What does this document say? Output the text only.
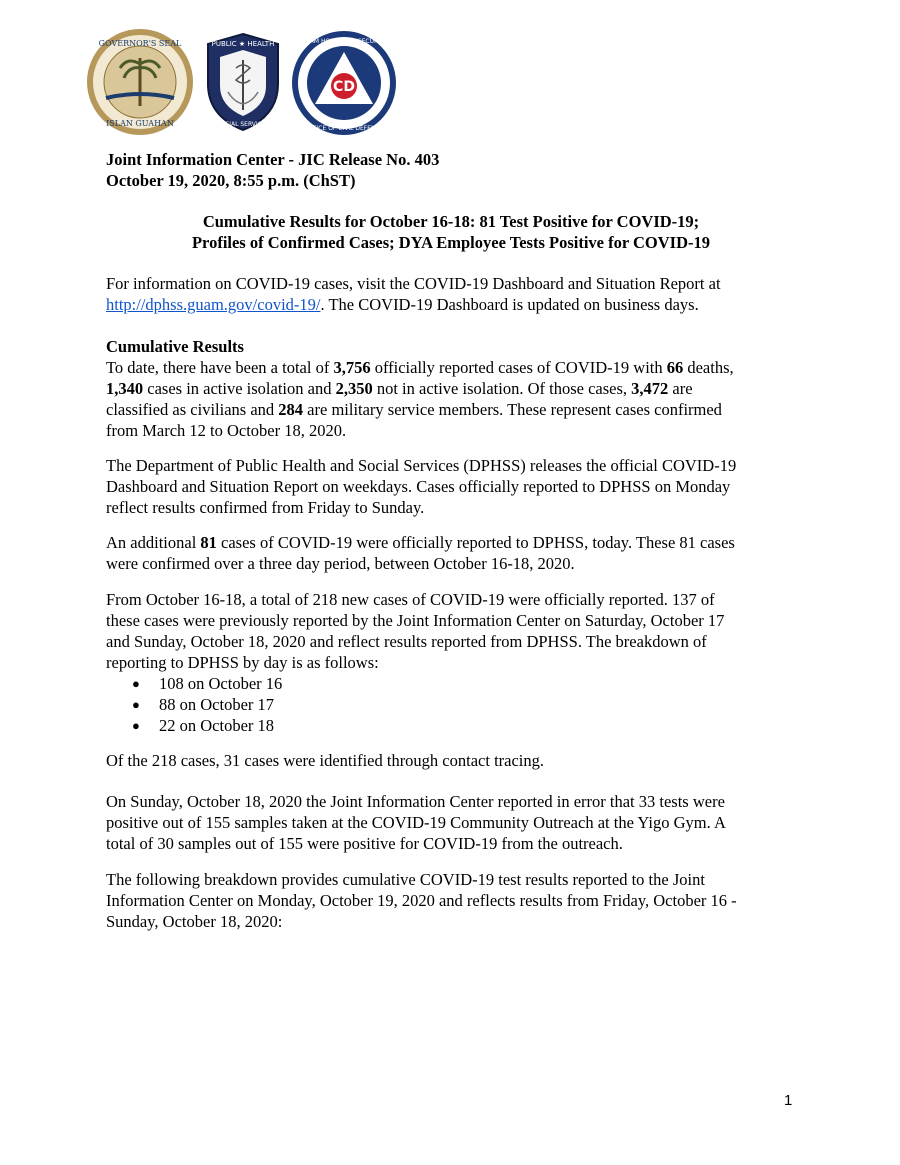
GOVERNOR'S SEAL
ISLAN GUAHAN
PUBLIC ★ HEALTH
SOCIAL SERVICES
CD
GUAM HOMELAND SECURITY
OFFICE OF CIVIL DEFENSE
Joint Information Center - JIC Release No. 403
October 19, 2020, 8:55 p.m. (ChST)
Cumulative Results for October 16-18: 81 Test Positive for COVID-19;
Profiles of Confirmed Cases; DYA Employee Tests Positive for COVID-19
For information on COVID-19 cases, visit the COVID-19 Dashboard and Situation Report at
http://dphss.guam.gov/covid-19/. The COVID-19 Dashboard is updated on business days.
Cumulative Results
To date, there have been a total of 3,756 officially reported cases of COVID-19 with 66 deaths,
1,340 cases in active isolation and 2,350 not in active isolation. Of those cases, 3,472 are
classified as civilians and 284 are military service members. These represent cases confirmed
from March 12 to October 18, 2020.
The Department of Public Health and Social Services (DPHSS) releases the official COVID-19
Dashboard and Situation Report on weekdays. Cases officially reported to DPHSS on Monday
reflect results confirmed from Friday to Sunday.
An additional 81 cases of COVID-19 were officially reported to DPHSS, today. These 81 cases
were confirmed over a three day period, between October 16-18, 2020.
From October 16-18, a total of 218 new cases of COVID-19 were officially reported. 137 of
these cases were previously reported by the Joint Information Center on Saturday, October 17
and Sunday, October 18, 2020 and reflect results reported from DPHSS. The breakdown of
reporting to DPHSS by day is as follows:
● 108 on October 16
● 88 on October 17
● 22 on October 18
Of the 218 cases, 31 cases were identified through contact tracing.
On Sunday, October 18, 2020 the Joint Information Center reported in error that 33 tests were
positive out of 155 samples taken at the COVID-19 Community Outreach at the Yigo Gym. A
total of 30 samples out of 155 were positive for COVID-19 from the outreach.
The following breakdown provides cumulative COVID-19 test results reported to the Joint
Information Center on Monday, October 19, 2020 and reflects results from Friday, October 16 -
Sunday, October 18, 2020:
1
